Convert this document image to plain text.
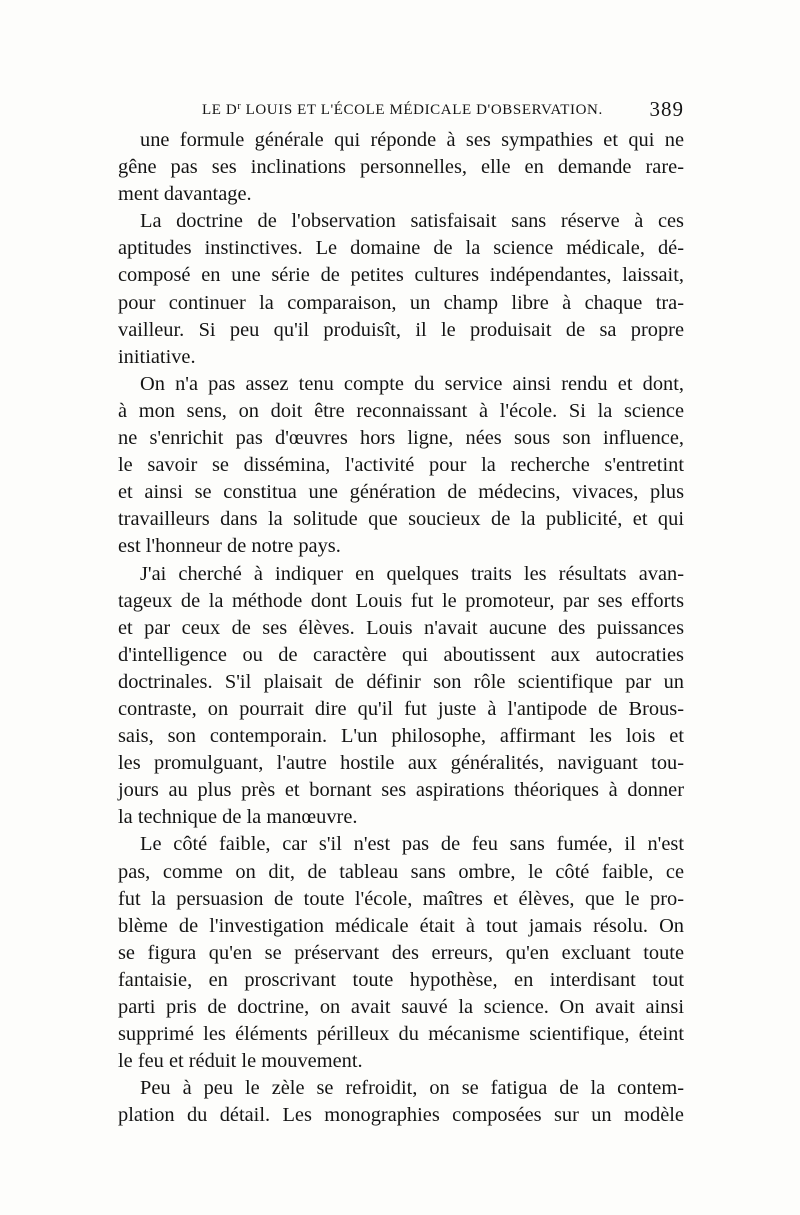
LE $D^r$ LOUIS ET L'ÉCOLE MÉDICALE D'OBSERVATION. 389
une formule générale qui réponde à ses sympathies et qui ne
gêne pas ses inclinations personnelles, elle en demande rare-
ment davantage.
La doctrine de l'observation satisfaisait sans réserve à ces
aptitudes instinctives. Le domaine de la science médicale, dé-
composé en une série de petites cultures indépendantes, laissait,
pour continuer la comparaison, un champ libre à chaque tra-
vailleur. Si peu qu'il produisît, il le produisait de sa propre
initiative.
On n'a pas assez tenu compte du service ainsi rendu et dont,
à mon sens, on doit être reconnaissant à l'école. Si la science
ne s'enrichit pas d'œuvres hors ligne, nées sous son influence,
le savoir se dissémina, l'activité pour la recherche s'entretint
et ainsi se constitua une génération de médecins, vivaces, plus
travailleurs dans la solitude que soucieux de la publicité, et qui
est l'honneur de notre pays.
J'ai cherché à indiquer en quelques traits les résultats avan-
tageux de la méthode dont Louis fut le promoteur, par ses efforts
et par ceux de ses élèves. Louis n'avait aucune des puissances
d'intelligence ou de caractère qui aboutissent aux autocraties
doctrinales. S'il plaisait de définir son rôle scientifique par un
contraste, on pourrait dire qu'il fut juste à l'antipode de Brous-
sais, son contemporain. L'un philosophe, affirmant les lois et
les promulguant, l'autre hostile aux généralités, naviguant tou-
jours au plus près et bornant ses aspirations théoriques à donner
la technique de la manœuvre.
Le côté faible, car s'il n'est pas de feu sans fumée, il n'est
pas, comme on dit, de tableau sans ombre, le côté faible, ce
fut la persuasion de toute l'école, maîtres et élèves, que le pro-
blème de l'investigation médicale était à tout jamais résolu. On
se figura qu'en se préservant des erreurs, qu'en excluant toute
fantaisie, en proscrivant toute hypothèse, en interdisant tout
parti pris de doctrine, on avait sauvé la science. On avait ainsi
supprimé les éléments périlleux du mécanisme scientifique, éteint
le feu et réduit le mouvement.
Peu à peu le zèle se refroidit, on se fatigua de la contem-
plation du détail. Les monographies composées sur un modèle
